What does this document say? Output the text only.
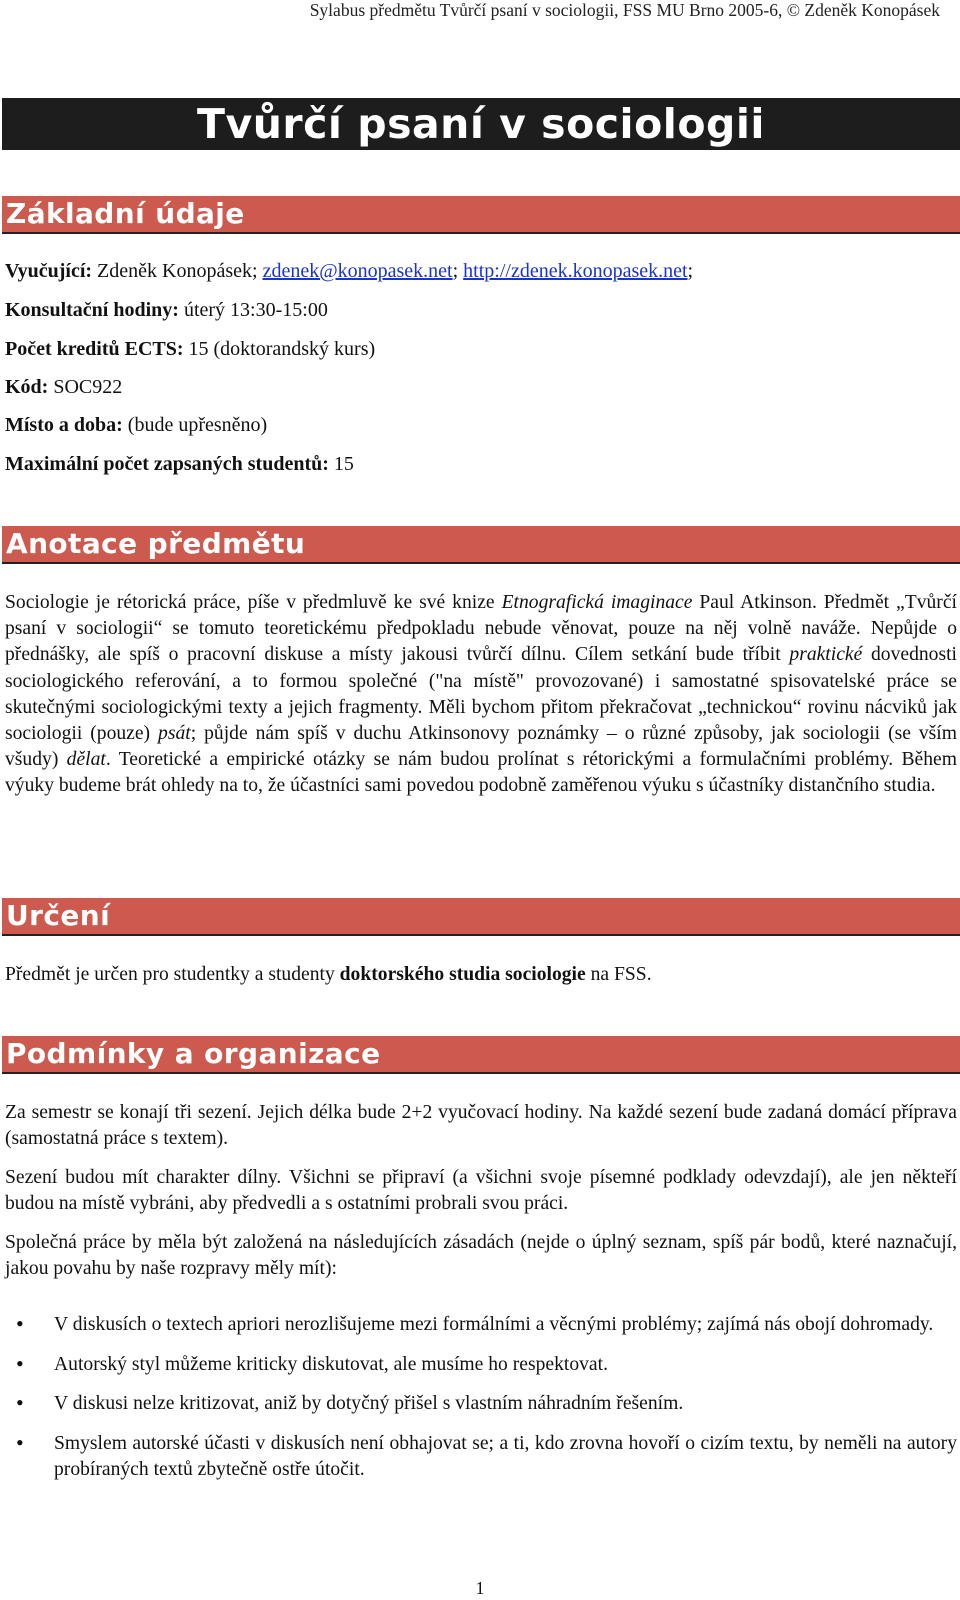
Sylabus předmětu Tvůrčí psaní v sociologii, FSS MU Brno 2005-6, © Zdeněk Konopásek
Tvůrčí psaní v sociologii
Základní údaje
Vyučující: Zdeněk Konopásek; zdenek@konopasek.net; http://zdenek.konopasek.net;
Konsultační hodiny: úterý 13:30-15:00
Počet kreditů ECTS: 15 (doktorandský kurs)
Kód: SOC922
Místo a doba: (bude upřesněno)
Maximální počet zapsaných studentů: 15
Anotace předmětu

Sociologie je rétorická práce, píše v předmluvě ke své knize Etnografická imaginace Paul Atkinson. Předmět „Tvůrčí psaní v sociologii“ se tomuto teoretickému předpokladu nebude věnovat, pouze na něj volně naváže. Nepůjde o přednášky, ale spíš o pracovní diskuse a místy jakousi tvůrčí dílnu. Cílem setkání bude tříbit praktické dovednosti sociologického referování, a to formou společné ("na místě" provozované) i samostatné spisovatelské práce se skutečnými sociologickými texty a jejich fragmenty. Měli bychom přitom překračovat „technickou“ rovinu nácviků jak sociologii (pouze) psát; půjde nám spíš v duchu Atkinsonovy poznámky – o různé způsoby, jak sociologii (se vším všudy) dělat. Teoretické a empirické otázky se nám budou prolínat s rétorickými a formulačními problémy. Během výuky budeme brát ohledy na to, že účastníci sami povedou podobně zaměřenou výuku s účastníky distančního studia.

Určení

Předmět je určen pro studentky a studenty doktorského studia sociologie na FSS.

Podmínky a organizace

Za semestr se konají tři sezení. Jejich délka bude 2+2 vyučovací hodiny. Na každé sezení bude zadaná domácí příprava (samostatná práce s textem).

Sezení budou mít charakter dílny. Všichni se připraví (a všichni svoje písemné podklady odevzdají), ale jen někteří budou na místě vybráni, aby předvedli a s ostatními probrali svou práci.

Společná práce by měla být založená na následujících zásadách (nejde o úplný seznam, spíš pár bodů, které naznačují, jakou povahu by naše rozpravy měly mít):

• V diskusích o textech apriori nerozlišujeme mezi formálními a věcnými problémy; zajímá nás obojí dohromady.
• Autorský styl můžeme kriticky diskutovat, ale musíme ho respektovat.
• V diskusi nelze kritizovat, aniž by dotyčný přišel s vlastním náhradním řešením.
• Smyslem autorské účasti v diskusích není obhajovat se; a ti, kdo zrovna hovoří o cizím textu, by neměli na autory probíraných textů zbytečně ostře útočit.
1
